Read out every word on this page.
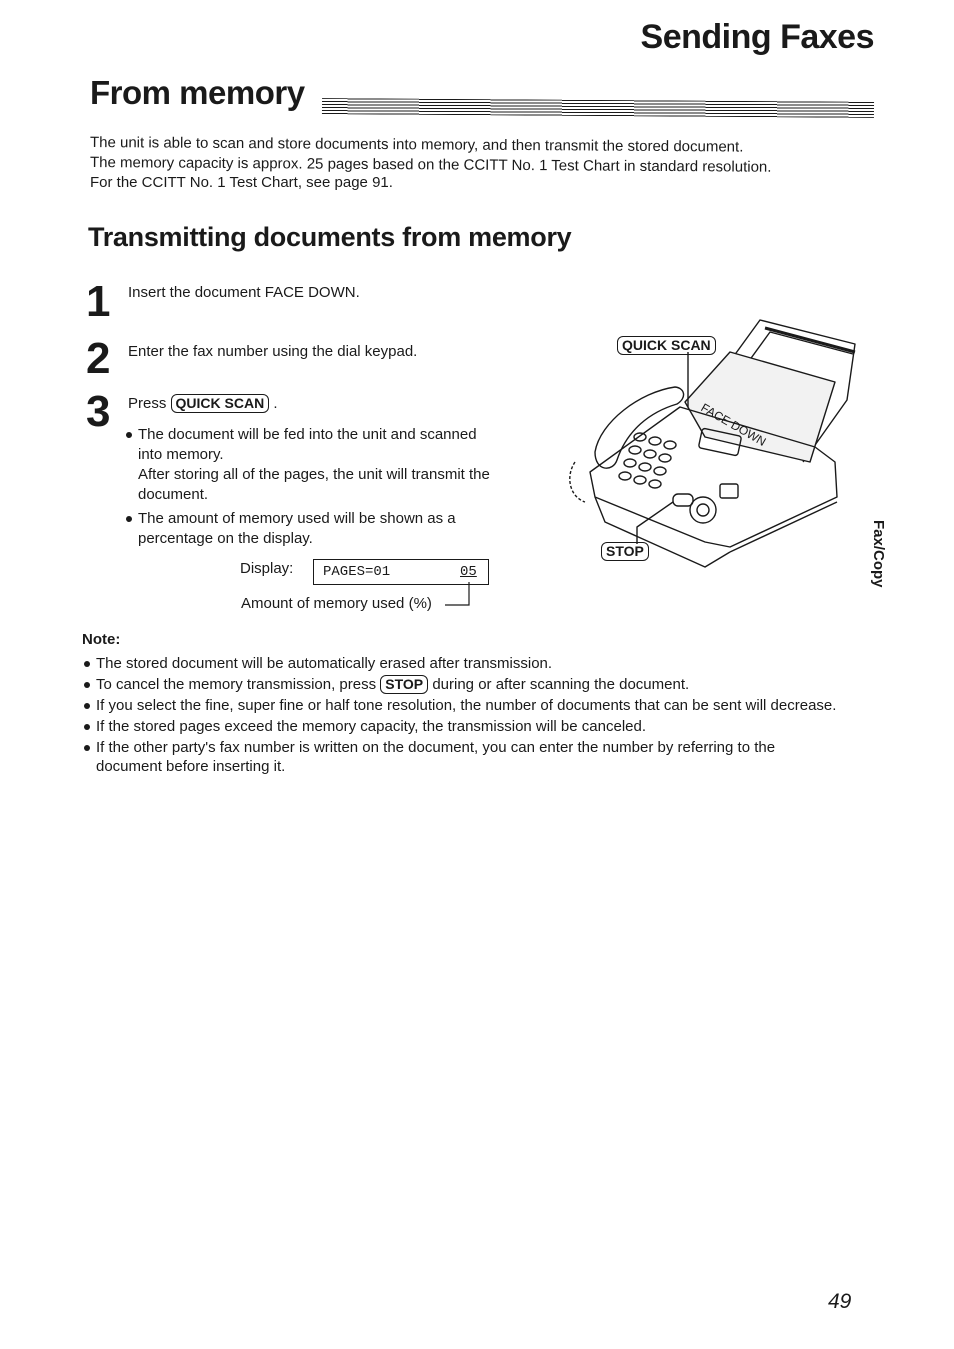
Sending Faxes
From memory

The unit is able to scan and store documents into memory, and then transmit the stored document.

The memory capacity is approx. 25 pages based on the CCITT No. 1 Test Chart in standard resolution.

For the CCITT No. 1 Test Chart, see page 91.

Transmitting documents from memory
1 Insert the document FACE DOWN.
2 Enter the fax number using the dial keypad.
3 Press QUICK SCAN .
The document will be fed into the unit and scanned into memory.
After storing all of the pages, the unit will transmit the document.
The amount of memory used will be shown as a percentage on the display.
Display: PAGES=01	05
Amount of memory used (%)
FACE DOWN
QUICK SCAN
STOP
Note:
The stored document will be automatically erased after transmission.
To cancel the memory transmission, press STOP during or after scanning the document.
If you select the fine, super fine or half tone resolution, the number of documents that can be sent will decrease.
If the stored pages exceed the memory capacity, the transmission will be canceled.
If the other party's fax number is written on the document, you can enter the number by referring to the document before inserting it.
Fax/Copy
49
